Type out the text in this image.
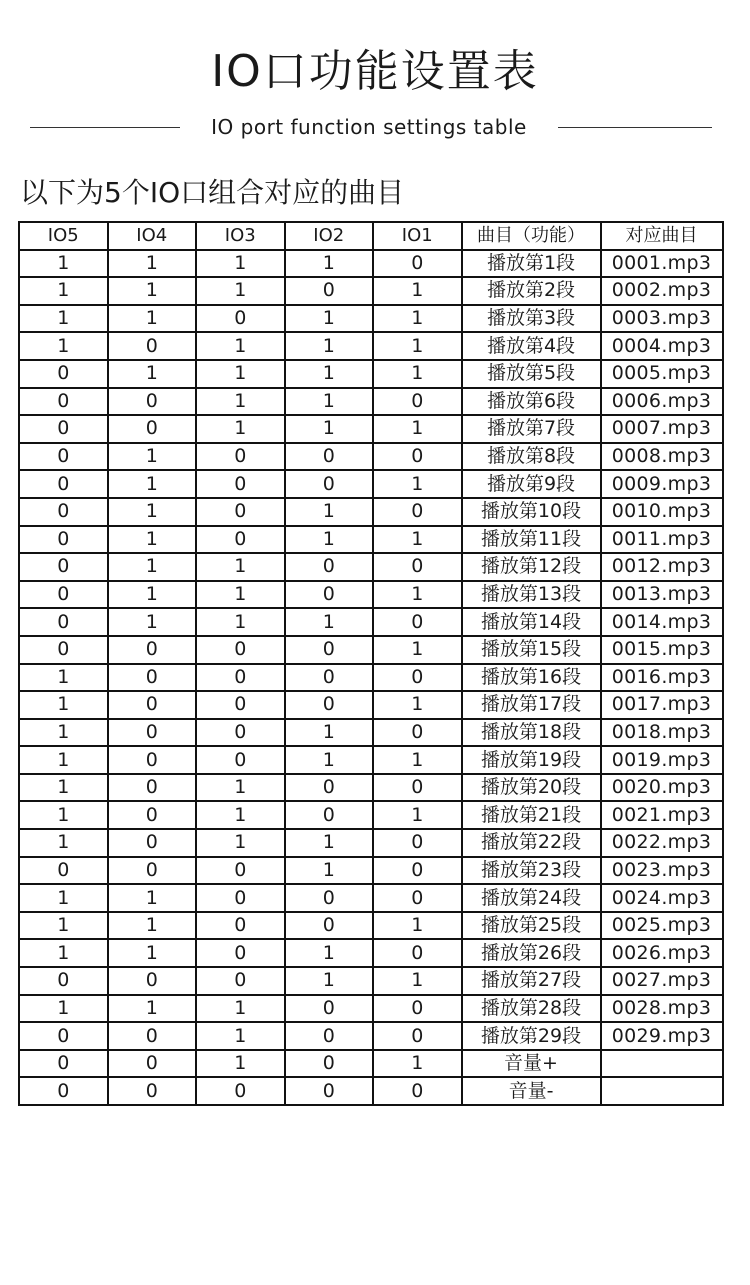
IO口功能设置表
IO port function settings table
以下为5个IO口组合对应的曲目
IO5	IO4	IO3	IO2	IO1	曲目（功能）	对应曲目
1	1	1	1	0	播放第1段	0001.mp3
1	1	1	0	1	播放第2段	0002.mp3
1	1	0	1	1	播放第3段	0003.mp3
1	0	1	1	1	播放第4段	0004.mp3
0	1	1	1	1	播放第5段	0005.mp3
0	0	1	1	0	播放第6段	0006.mp3
0	0	1	1	1	播放第7段	0007.mp3
0	1	0	0	0	播放第8段	0008.mp3
0	1	0	0	1	播放第9段	0009.mp3
0	1	0	1	0	播放第10段	0010.mp3
0	1	0	1	1	播放第11段	0011.mp3
0	1	1	0	0	播放第12段	0012.mp3
0	1	1	0	1	播放第13段	0013.mp3
0	1	1	1	0	播放第14段	0014.mp3
0	0	0	0	1	播放第15段	0015.mp3
1	0	0	0	0	播放第16段	0016.mp3
1	0	0	0	1	播放第17段	0017.mp3
1	0	0	1	0	播放第18段	0018.mp3
1	0	0	1	1	播放第19段	0019.mp3
1	0	1	0	0	播放第20段	0020.mp3
1	0	1	0	1	播放第21段	0021.mp3
1	0	1	1	0	播放第22段	0022.mp3
0	0	0	1	0	播放第23段	0023.mp3
1	1	0	0	0	播放第24段	0024.mp3
1	1	0	0	1	播放第25段	0025.mp3
1	1	0	1	0	播放第26段	0026.mp3
0	0	0	1	1	播放第27段	0027.mp3
1	1	1	0	0	播放第28段	0028.mp3
0	0	1	0	0	播放第29段	0029.mp3
0	0	1	0	1	音量+	
0	0	0	0	0	音量-	
